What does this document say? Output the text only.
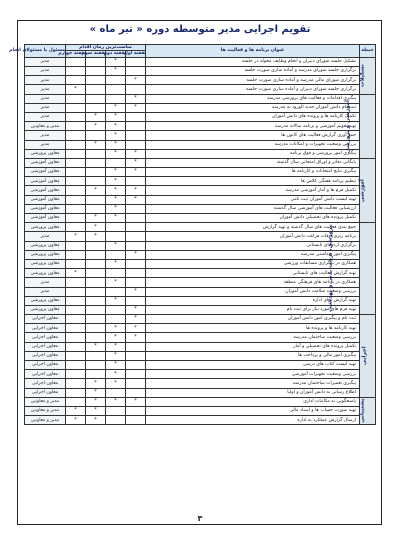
تقویم اجرایی مدیر متوسطه دوره « تیر ماه »
حیطه	عنوان برنامه ها و فعالیت ها	مناسب‌ترین زمان اقدام				مسئول یا مسئولان انجام
		هفته اول	هفته دوم	هفته سوم	هفته چهارم	
تشکیلات	تشکیل جلسه شورای دبیران و انجام وظایف محوله در جلسه		*			مدیر
	برگزاری جلسه شورای مدرسه و آماده سازی صورت جلسه		*			مدیر
	برگزاری شورای مالی مدرسه و آماده سازی صورت جلسه	*				مدیر
	برگزاری جلسه شورای دبیران و آماده سازی صورت جلسه				*	مدیر
آموزشی و پرورشی	پیگیری اقدامات و فعالیت های پرورشی مدرسه	*				مدیر
	ثبت نام دانش آموزان جدید الورود به مدرسه	*	*			مدیر
	تکمیل کارنامه ها و پرونده های دانش آموزان		*	*		مدیر
	تهیه تقویم آموزشی و برنامه سالانه مدرسه		*	*		مدیر و معاونین
	جمع آوری گزارش فعالیت های کانون ها		*			مدیر
	بررسی وضعیت تجهیزات و امکانات مدرسه		*	*		مدیر
	پیگیری امور پرورشی و فوق برنامه	*	*			معاون پرورشی
آموزشی	بایگانی دفاتر و اوراق امتحانی سال گذشته	*				معاون آموزشی
	پیگیری نتایج امتحانات و کارنامه ها	*	*			معاون آموزشی
	تنظیم برنامه هفتگی کلاس ها		*			معاون آموزشی
	تکمیل فرم ها و آمار آموزشی مدرسه	*	*	*		معاون آموزشی
	تهیه لیست دانش آموزان ثبت نامی	*	*			معاون آموزشی
	ارزشیابی فعالیت های آموزشی سال گذشته		*			معاون آموزشی
	تکمیل پرونده های تحصیلی دانش آموزان		*	*		معاون آموزشی
پرورشی، تربیت بدنی و بهداشت	جمع بندی فعالیت های سال گذشته و تهیه گزارش			*		معاون پرورشی
	برنامه ریزی اوقات فراغت دانش آموزان			*	*	مدیر
	برگزاری اردوهای تابستانی		*			معاون پرورشی
	پیگیری امور بهداشتی مدرسه	*				معاون پرورشی
	همکاری در برگزاری مسابقات ورزشی		*			معاون پرورشی
	تهیه گزارش فعالیت های تابستانی				*	معاون پرورشی
	همکاری در برنامه های فرهنگی منطقه		*			مدیر
	بررسی وضعیت سلامت دانش آموزان	*				مدیر
	تهیه گزارش برای اداره		*			معاون پرورشی
	تهیه فرم های مورد نیاز برای ثبت نام	*				معاون پرورشی
اجرایی	ثبت نام و پیگیری امور دانش آموزان	*				معاون اجرایی
	تهیه کارنامه ها و پرونده ها	*	*			معاون اجرایی
	بررسی وضعیت ساختمان مدرسه	*	*			معاون اجرایی
	تکمیل پرونده های تحصیلی و آمار		*	*		معاون اجرایی
	پیگیری امور مالی و پرداخت ها		*			معاون اجرایی
	تهیه لیست کتاب های درسی		*			معاون اجرایی
	بررسی وضعیت تجهیزات آموزشی		*			معاون اجرایی
	پیگیری تعمیرات ساختمان مدرسه		*	*		معاون اجرایی
	اطلاع رسانی به دانش آموزان و اولیا			*		معاون اجرایی
پشتیبانی	پاسخگویی به مکاتبات اداری	*	*	*		مدیر و معاونین
	تهیه صورت حساب ها و اسناد مالی			*	*	مدیر و معاونین
	ارسال گزارش عملکرد به اداره			*	*	مدیر و معاونین
۳
